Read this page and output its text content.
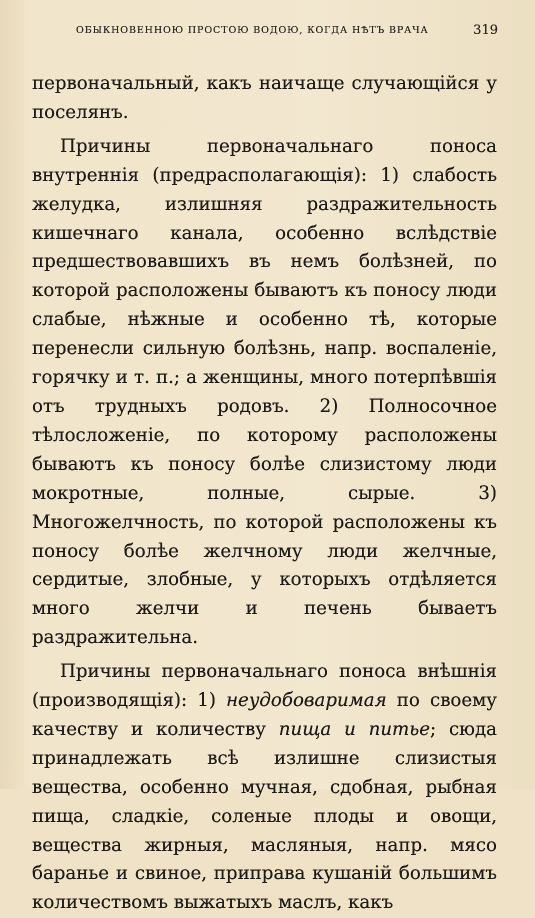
ОБЫКНОВЕННОЮ ПРОСТОЮ ВОДОЮ, КОГДА НѢТЪ ВРАЧА	319

первоначальный, какъ наичаще случающійся у поселянъ.

Причины первоначальнаго поноса внутреннія (предрасполагающія): 1) слабость желудка, излишняя раздражительность кишечнаго канала, особенно вслѣдствіе предшествовавшихъ въ немъ болѣзней, по которой расположены бываютъ къ поносу люди слабые, нѣжные и особенно тѣ, которые перенесли сильную болѣзнь, напр. воспаленіе, горячку и т. п.; а женщины, много потерпѣвшія отъ трудныхъ родовъ. 2) Полносочное тѣлосложеніе, по которому расположены бываютъ къ поносу болѣе слизистому люди мокротные, полные, сырые. 3) Многожелчность, по которой расположены къ поносу болѣе желчному люди желчные, сердитые, злобные, у которыхъ отдѣляется много желчи и печень бываетъ раздражительна.

Причины первоначальнаго поноса внѣшнія (производящія): 1) неудобоваримая по своему качеству и количеству пища и питье; сюда принадлежать всѣ излишне слизистыя вещества, особенно мучная, сдобная, рыбная пища, сладкіе, соленые плоды и овощи, вещества жирныя, масляныя, напр. мясо баранье и свиное, приправа кушаній большимъ количествомъ выжатыхъ маслъ, какъ
